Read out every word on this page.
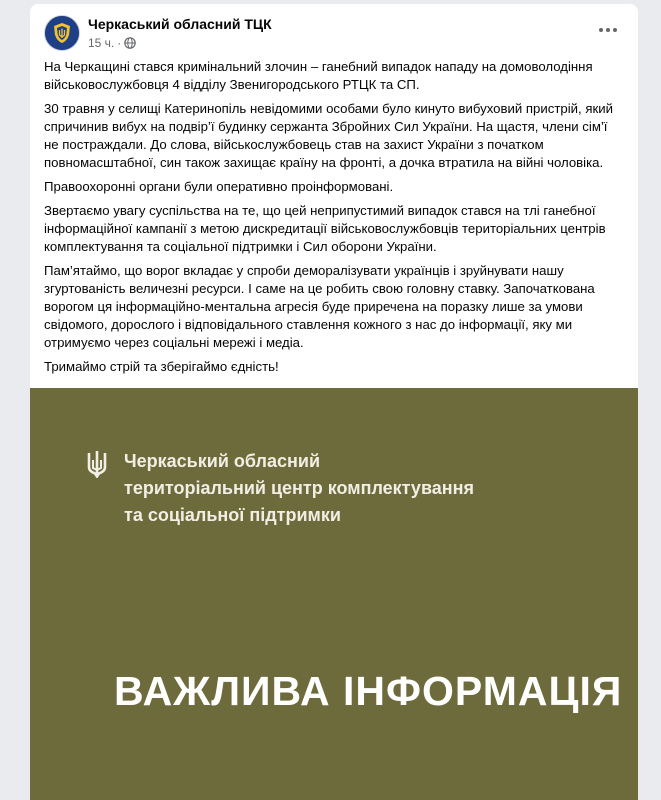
Черкаський обласний ТЦК
15 ч. ·

На Черкащині стався кримінальний злочин – ганебний випадок нападу на домоволодіння військовослужбовця 4 відділу Звенигородського РТЦК та СП.

30 травня у селищі Катеринопіль невідомими особами було кинуто вибуховий пристрій, який спричинив вибух на подвір’ї будинку сержанта Збройних Сил України. На щастя, члени сім’ї не постраждали. До слова, військослужбовець став на захист України з початком повномасштабної, син також захищає країну на фронті, а дочка втратила на війні чоловіка.

Правоохоронні органи були оперативно проінформовані.

Звертаємо увагу суспільства на те, що цей неприпустимий випадок стався на тлі ганебної інформаційної кампанії з метою дискредитації військовослужбовців територіальних центрів комплектування та соціальної підтримки і Сил оборони України.

Пам’ятаймо, що ворог вкладає у спроби деморалізувати українців і зруйнувати нашу згуртованість величезні ресурси. І саме на це робить свою головну ставку. Започаткована ворогом ця інформаційно-ментальна агресія буде приречена на поразку лише за умови свідомого, дорослого і відповідального ставлення кожного з нас до інформації, яку ми отримуємо через соціальні мережі і медіа.

Тримаймо стрій та зберігаймо єдність!

Черкаський обласний
територіальний центр комплектування
та соціальної підтримки
ВАЖЛИВА ІНФОРМАЦІЯ
